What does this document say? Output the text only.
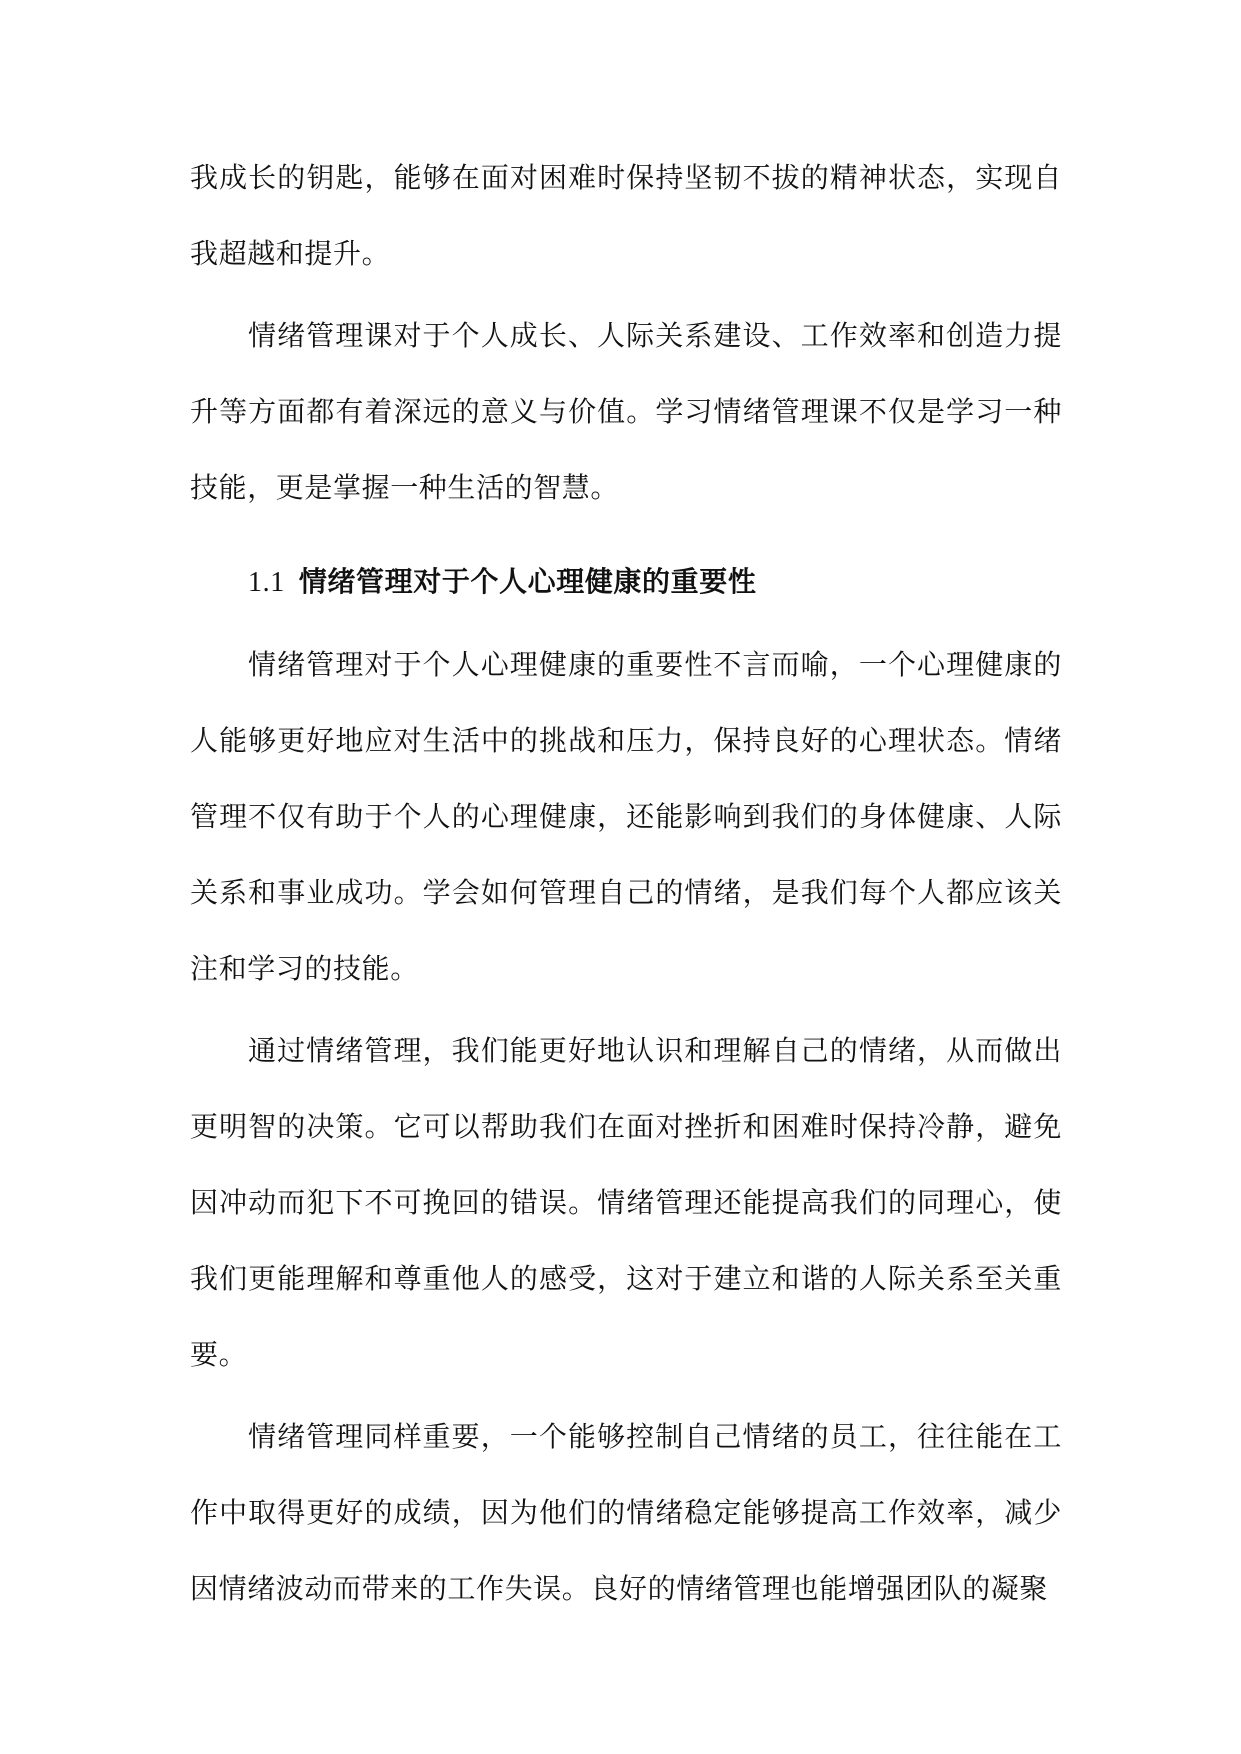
我成长的钥匙，能够在面对困难时保持坚韧不拔的精神状态，实现自我超越和提升。

情绪管理课对于个人成长、人际关系建设、工作效率和创造力提升等方面都有着深远的意义与价值。学习情绪管理课不仅是学习一种技能，更是掌握一种生活的智慧。

1.1 情绪管理对于个人心理健康的重要性

情绪管理对于个人心理健康的重要性不言而喻，一个心理健康的人能够更好地应对生活中的挑战和压力，保持良好的心理状态。情绪管理不仅有助于个人的心理健康，还能影响到我们的身体健康、人际关系和事业成功。学会如何管理自己的情绪，是我们每个人都应该关注和学习的技能。

通过情绪管理，我们能更好地认识和理解自己的情绪，从而做出更明智的决策。它可以帮助我们在面对挫折和困难时保持冷静，避免因冲动而犯下不可挽回的错误。情绪管理还能提高我们的同理心，使我们更能理解和尊重他人的感受，这对于建立和谐的人际关系至关重要。

情绪管理同样重要，一个能够控制自己情绪的员工，往往能在工作中取得更好的成绩，因为他们的情绪稳定能够提高工作效率，减少因情绪波动而带来的工作失误。良好的情绪管理也能增强团队的凝聚
